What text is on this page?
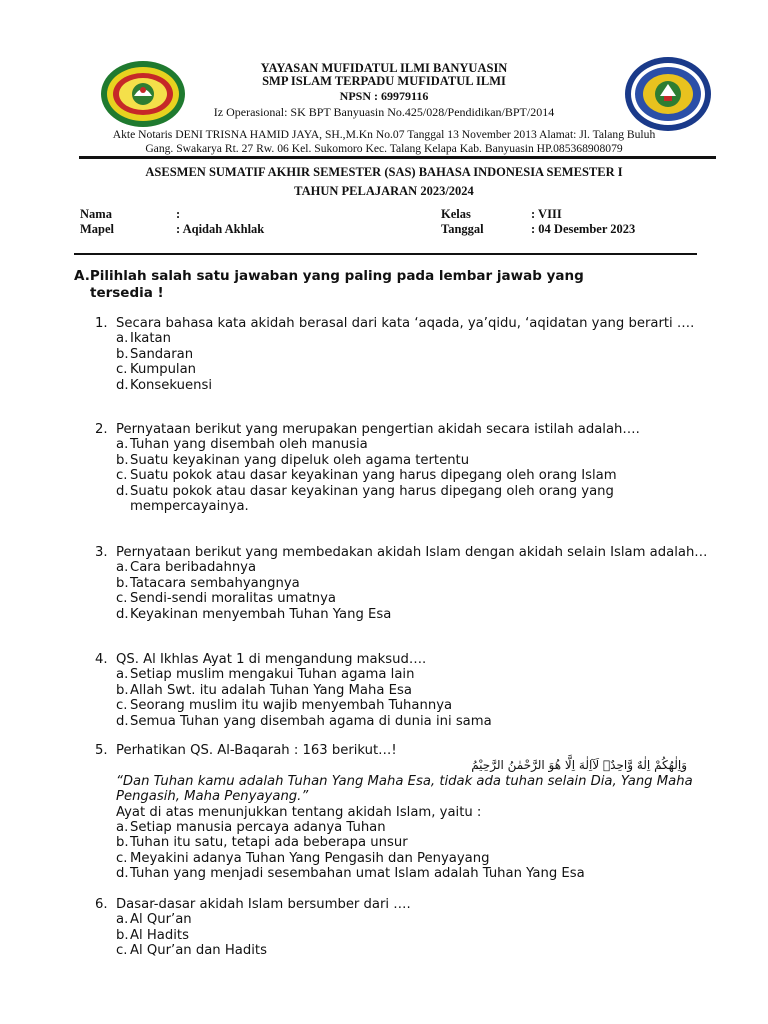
YAYASAN MUFIDATUL ILMI BANYUASIN
SMP ISLAM TERPADU MUFIDATUL ILMI
NPSN : 69979116
Iz Operasional: SK BPT Banyuasin No.425/028/Pendidikan/BPT/2014
Akte Notaris DENI TRISNA HAMID JAYA, SH.,M.Kn No.07 Tanggal 13 November 2013 Alamat: Jl. Talang Buluh
Gang. Swakarya Rt. 27 Rw. 06 Kel. Sukomoro Kec. Talang Kelapa Kab. Banyuasin HP.085368908079
ASESMEN SUMATIF AKHIR SEMESTER (SAS) BAHASA INDONESIA SEMESTER I
TAHUN PELAJARAN 2023/2024
Nama	:	Kelas	: VIII
Mapel	: Aqidah Akhlak	Tanggal	: 04 Desember 2023
A.Pilihlah salah satu jawaban yang paling pada lembar jawab yang
tersedia !
1. Secara bahasa kata akidah berasal dari kata ‘aqada, ya’qidu, ‘aqidatan yang berarti ….
a. Ikatan
b.Sandaran
c. Kumpulan
d.Konsekuensi
2. Pernyataan berikut yang merupakan pengertian akidah secara istilah adalah….
a. Tuhan yang disembah oleh manusia
b.Suatu keyakinan yang dipeluk oleh agama tertentu
c. Suatu pokok atau dasar keyakinan yang harus dipegang oleh orang Islam
d.Suatu pokok atau dasar keyakinan yang harus dipegang oleh orang yang mempercayainya.
3. Pernyataan berikut yang membedakan akidah Islam dengan akidah selain Islam adalah…
a. Cara beribadahnya
b.Tatacara sembahyangnya
c. Sendi-sendi moralitas umatnya
d.Keyakinan menyembah Tuhan Yang Esa
4. QS. Al Ikhlas Ayat 1 di mengandung maksud….
a. Setiap muslim mengakui Tuhan agama lain
b.Allah Swt. itu adalah Tuhan Yang Maha Esa
c. Seorang muslim itu wajib menyembah Tuhannya
d.Semua Tuhan yang disembah agama di dunia ini sama
5. Perhatikan QS. Al-Baqarah : 163 berikut…!
وَاِلٰهُكُمْ اِلٰهٌ وَّاحِدٌۚ لَآاِلٰهَ اِلَّا هُوَ الرَّحْمٰنُ الرَّحِيْمُ
“Dan Tuhan kamu adalah Tuhan Yang Maha Esa, tidak ada tuhan selain Dia, Yang Maha Pengasih, Maha Penyayang.”
Ayat di atas menunjukkan tentang akidah Islam, yaitu :
a. Setiap manusia percaya adanya Tuhan
b.Tuhan itu satu, tetapi ada beberapa unsur
c. Meyakini adanya Tuhan Yang Pengasih dan Penyayang
d.Tuhan yang menjadi sesembahan umat Islam adalah Tuhan Yang Esa
6. Dasar-dasar akidah Islam bersumber dari ….
a. Al Qur’an
b.Al Hadits
c. Al Qur’an dan Hadits
